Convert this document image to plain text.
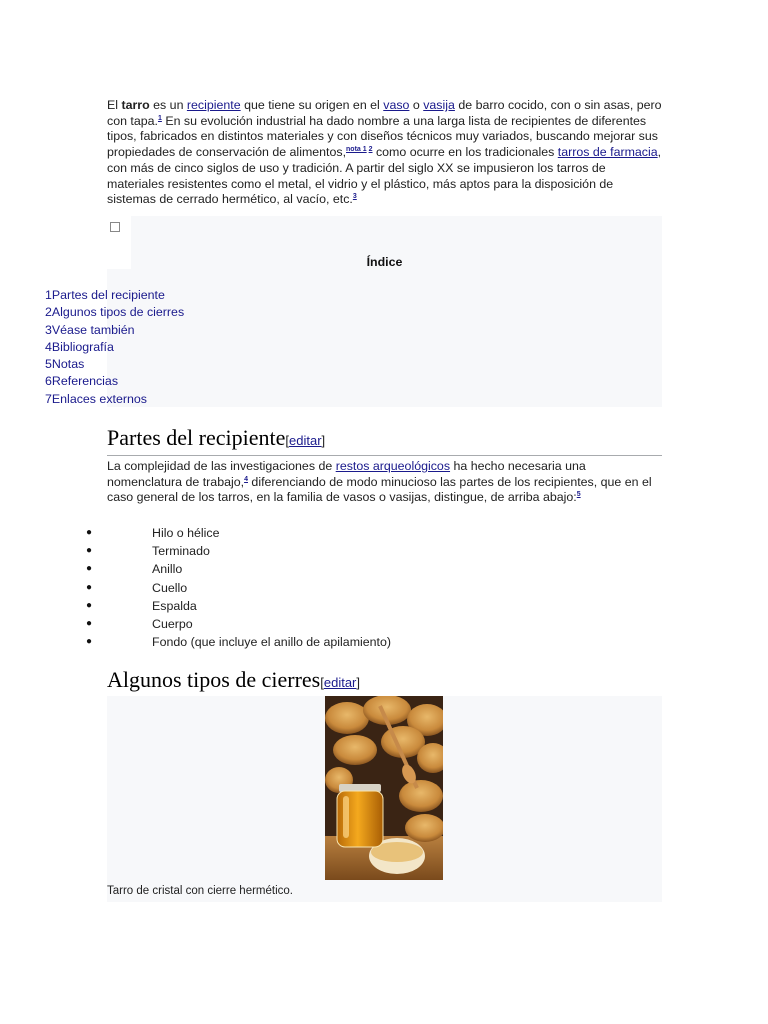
El tarro es un recipiente que tiene su origen en el vaso o vasija de barro cocido, con o sin asas, pero con tapa.$^1$ En su evolución industrial ha dado nombre a una larga lista de recipientes de diferentes tipos, fabricados en distintos materiales y con diseños técnicos muy variados, buscando mejorar sus propiedades de conservación de alimentos,$^{nota 1 2}$ como ocurre en los tradicionales tarros de farmacia, con más de cinco siglos de uso y tradición. A partir del siglo XX se impusieron los tarros de materiales resistentes como el metal, el vidrio y el plástico, más aptos para la disposición de sistemas de cerrado hermético, al vacío, etc.$^3$

Índice
1Partes del recipiente
2Algunos tipos de cierres
3Véase también
4Bibliografía
5Notas
6Referencias
7Enlaces externos
Partes del recipiente[editar]

La complejidad de las investigaciones de restos arqueológicos ha hecho necesaria una nomenclatura de trabajo,$^4$ diferenciando de modo minucioso las partes de los recipientes, que en el caso general de los tarros, en la familia de vasos o vasijas, distingue, de arriba abajo:$^5$

●	Hilo o hélice
●	Terminado
●	Anillo
●	Cuello
●	Espalda
●	Cuerpo
●	Fondo (que incluye el anillo de apilamiento)
Algunos tipos de cierres[editar]
Tarro de cristal con cierre hermético.
